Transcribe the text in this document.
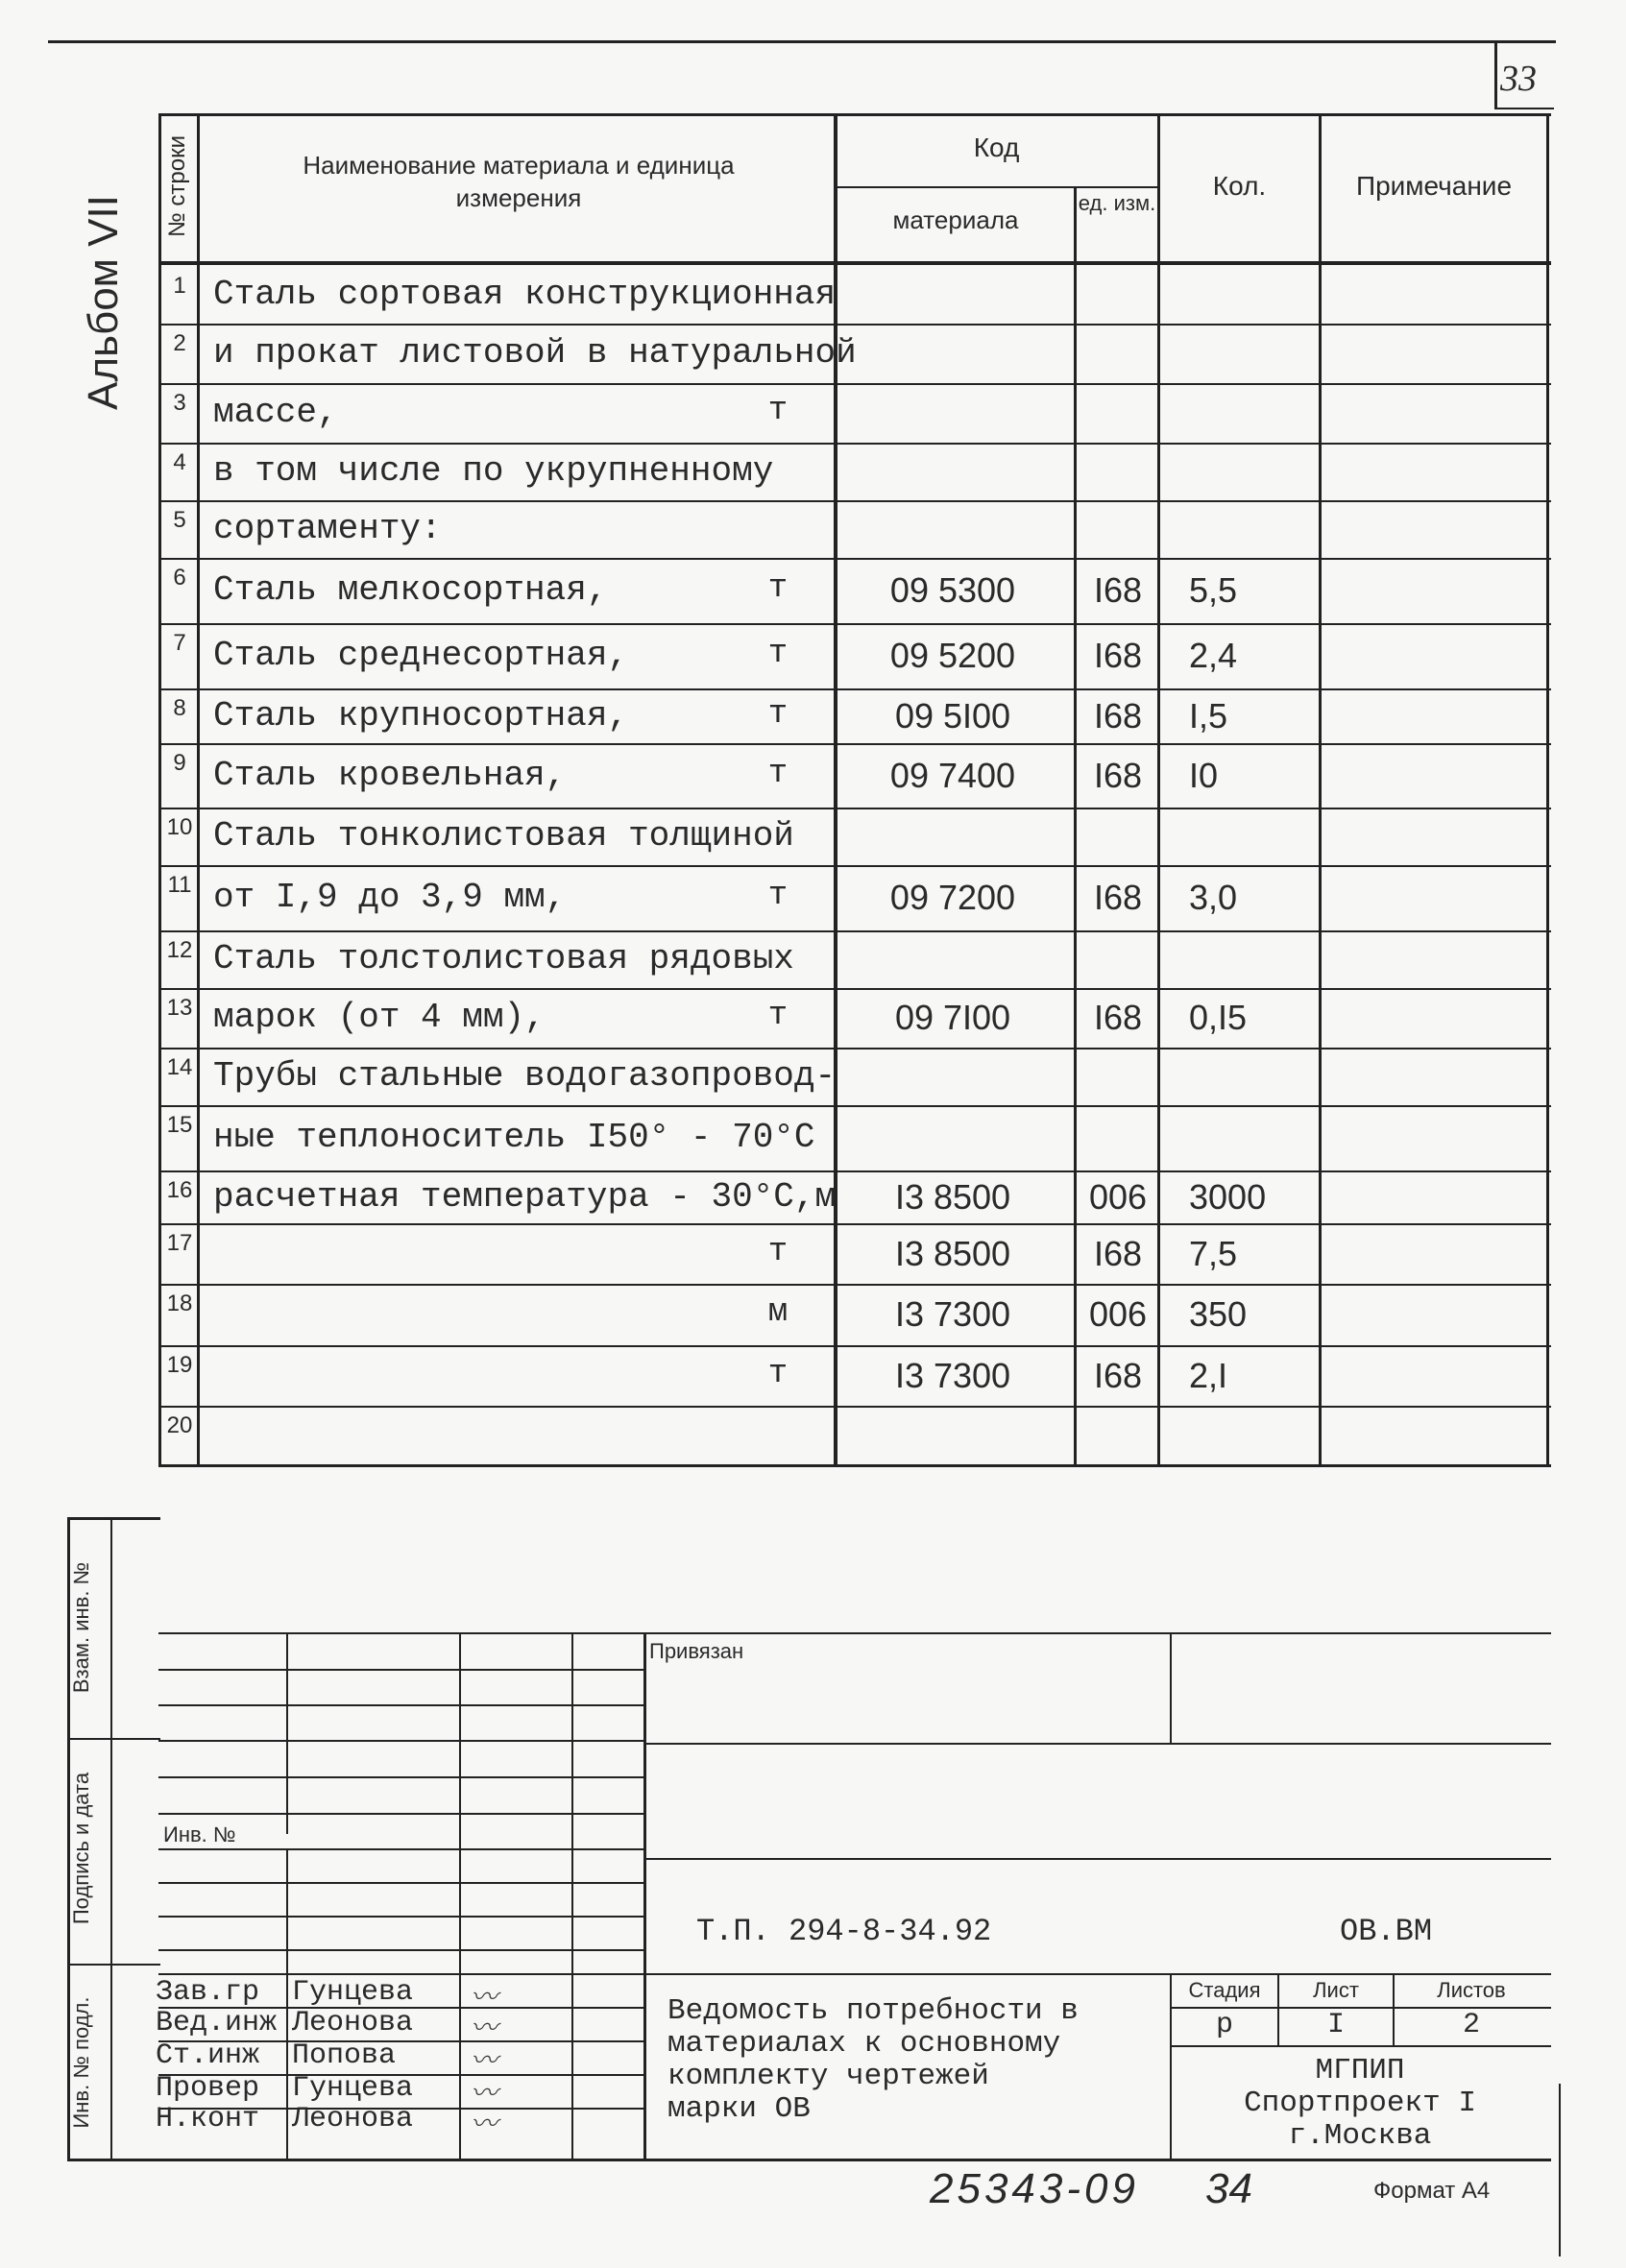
33
Альбом VII
№ строки	Наименование материала и единица измерения
Код
материала
ед. изм.
Кол.	Примечание
1 Сталь сортовая конструкционная
2 и прокат листовой в натуральной
3 массе,	т
4 в том числе по укрупненному
5 сортаменту:
6 Сталь мелкосортная,	т	09 5300	I68	5,5
7 Сталь среднесортная,	т	09 5200	I68	2,4
8 Сталь крупносортная,	т	09 5I00	I68	I,5
9 Сталь кровельная,	т	09 7400	I68	I0
10 Сталь тонколистовая толщиной
11 от I,9 до 3,9 мм,	т	09 7200	I68	3,0
12 Сталь толстолистовая рядовых
13 марок (от 4 мм),	т	09 7I00	I68	0,I5
14 Трубы стальные водогазопровод-
15 ные теплоноситель I50° - 70°С
16 расчетная температура - 30°С,м	I3 8500	006	3000
17	т	I3 8500	I68	7,5
18	м	I3 7300	006	350
19	т	I3 7300	I68	2,I
20
Взам. инв. №
Подпись и дата
Инв. № подл.
Привязан
Инв. №
Т.П. 294-8-34.92	ОВ.ВМ
Зав.гр Гунцева 〰
Вед.инж Леонова 〰
Ст.инж Попова	〰
Провер Гунцева 〰
Н.конт Леонова 〰
Ведомость потребности в
материалах к основному
комплекту чертежей
марки ОВ
Стадия	Лист	Листов
р	I	2
МГПИП
Спортпроект I
г.Москва
25343-09 34	Формат А4
